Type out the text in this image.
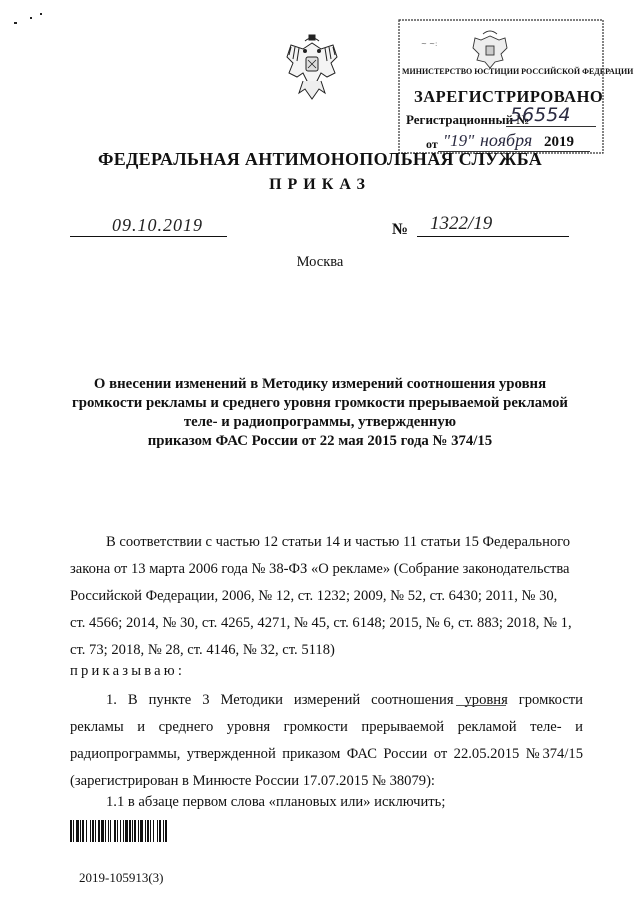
~ ~:
МИНИСТЕРСТВО ЮСТИЦИИ РОССИЙСКОЙ ФЕДЕРАЦИИ
ЗАРЕГИСТРИРОВАНО
Регистрационный №
56554
от "19" ноября 2019
ФЕДЕРАЛЬНАЯ АНТИМОНОПОЛЬНАЯ СЛУЖБА
ПРИКАЗ
09.10.2019	№ 1322/19
Москва
О внесении изменений в Методику измерений соотношения уровня
громкости рекламы и среднего уровня громкости прерываемой рекламой
теле- и радиопрограммы, утвержденную
приказом ФАС России от 22 мая 2015 года № 374/15
В соответствии с частью 12 статьи 14 и частью 11 статьи 15 Федерального
закона от 13 марта 2006 года № 38-ФЗ «О рекламе» (Собрание законодательства
Российской Федерации, 2006, № 12, ст. 1232; 2009, № 52, ст. 6430; 2011, № 30,
ст. 4566; 2014, № 30, ст. 4265, 4271, № 45, ст. 6148; 2015, № 6, ст. 883; 2018, № 1,
ст. 73; 2018, № 28, ст. 4146, № 32, ст. 5118)
приказываю:
1. В пункте 3 Методики измерений соотношения уровня громкости
рекламы и среднего уровня громкости прерываемой рекламой теле- и
радиопрограммы, утвержденной приказом ФАС России от 22.05.2015 №374/15
(зарегистрирован в Минюсте России 17.07.2015 № 38079):
1.1 в абзаце первом слова «плановых или» исключить;
2019-105913(3)
